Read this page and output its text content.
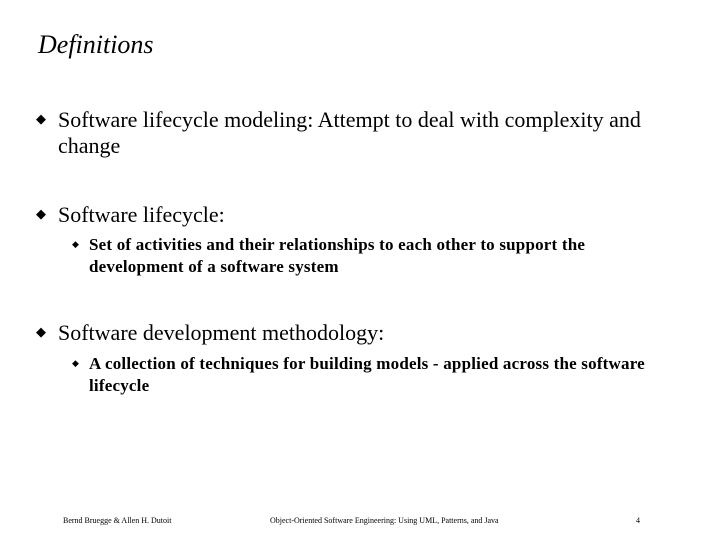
Definitions
◆ Software lifecycle modeling: Attempt to deal with complexity and change
◆ Software lifecycle:
◆ Set of activities and their relationships to each other to support the development of a software system
◆ Software development methodology:
◆ A collection of techniques for building models - applied across the software lifecycle
Bernd Bruegge & Allen H. Dutoit	Object-Oriented Software Engineering: Using UML, Patterns, and Java	4
